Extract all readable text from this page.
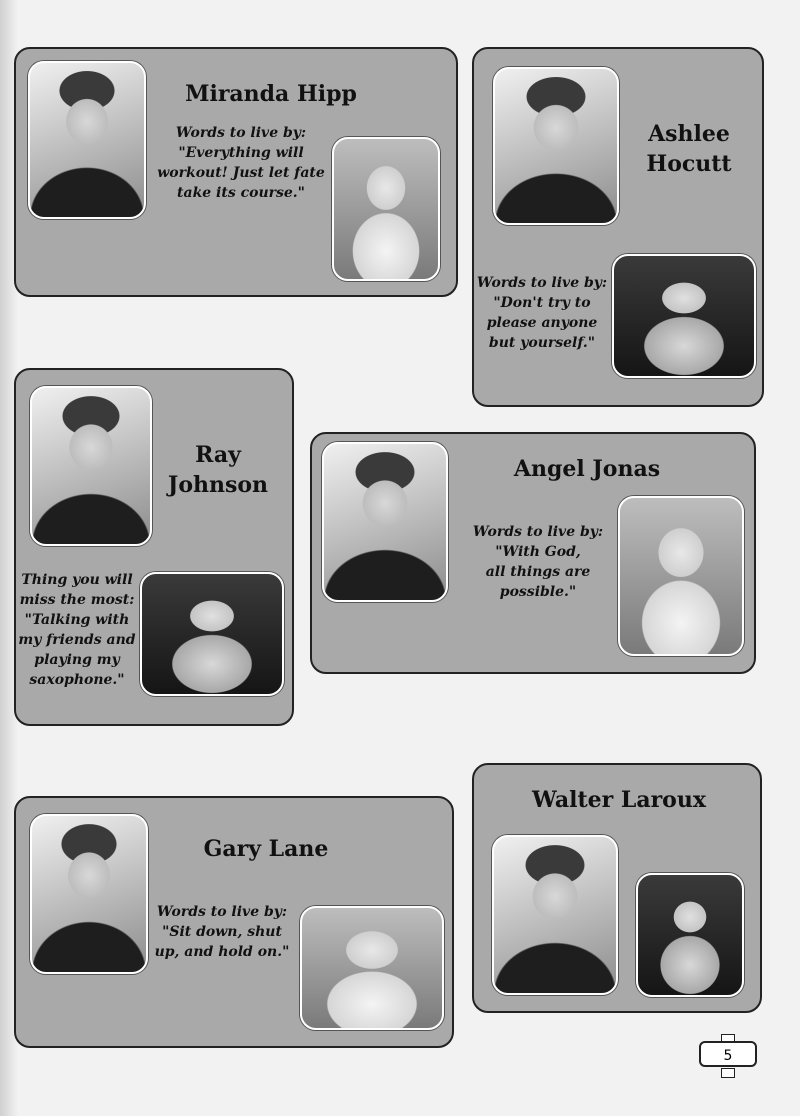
Miranda Hipp
Words to live by:
"Everything will
workout! Just let fate
take its course."
Ashlee
Hocutt
Words to live by:
"Don't try to
please anyone
but yourself."
Ray
Johnson
Thing you will
miss the most:
"Talking with
my friends and
playing my
saxophone."
Angel Jonas
Words to live by:
"With God,
all things are
possible."
Gary Lane
Words to live by:
"Sit down, shut
up, and hold on."
Walter Laroux
5
